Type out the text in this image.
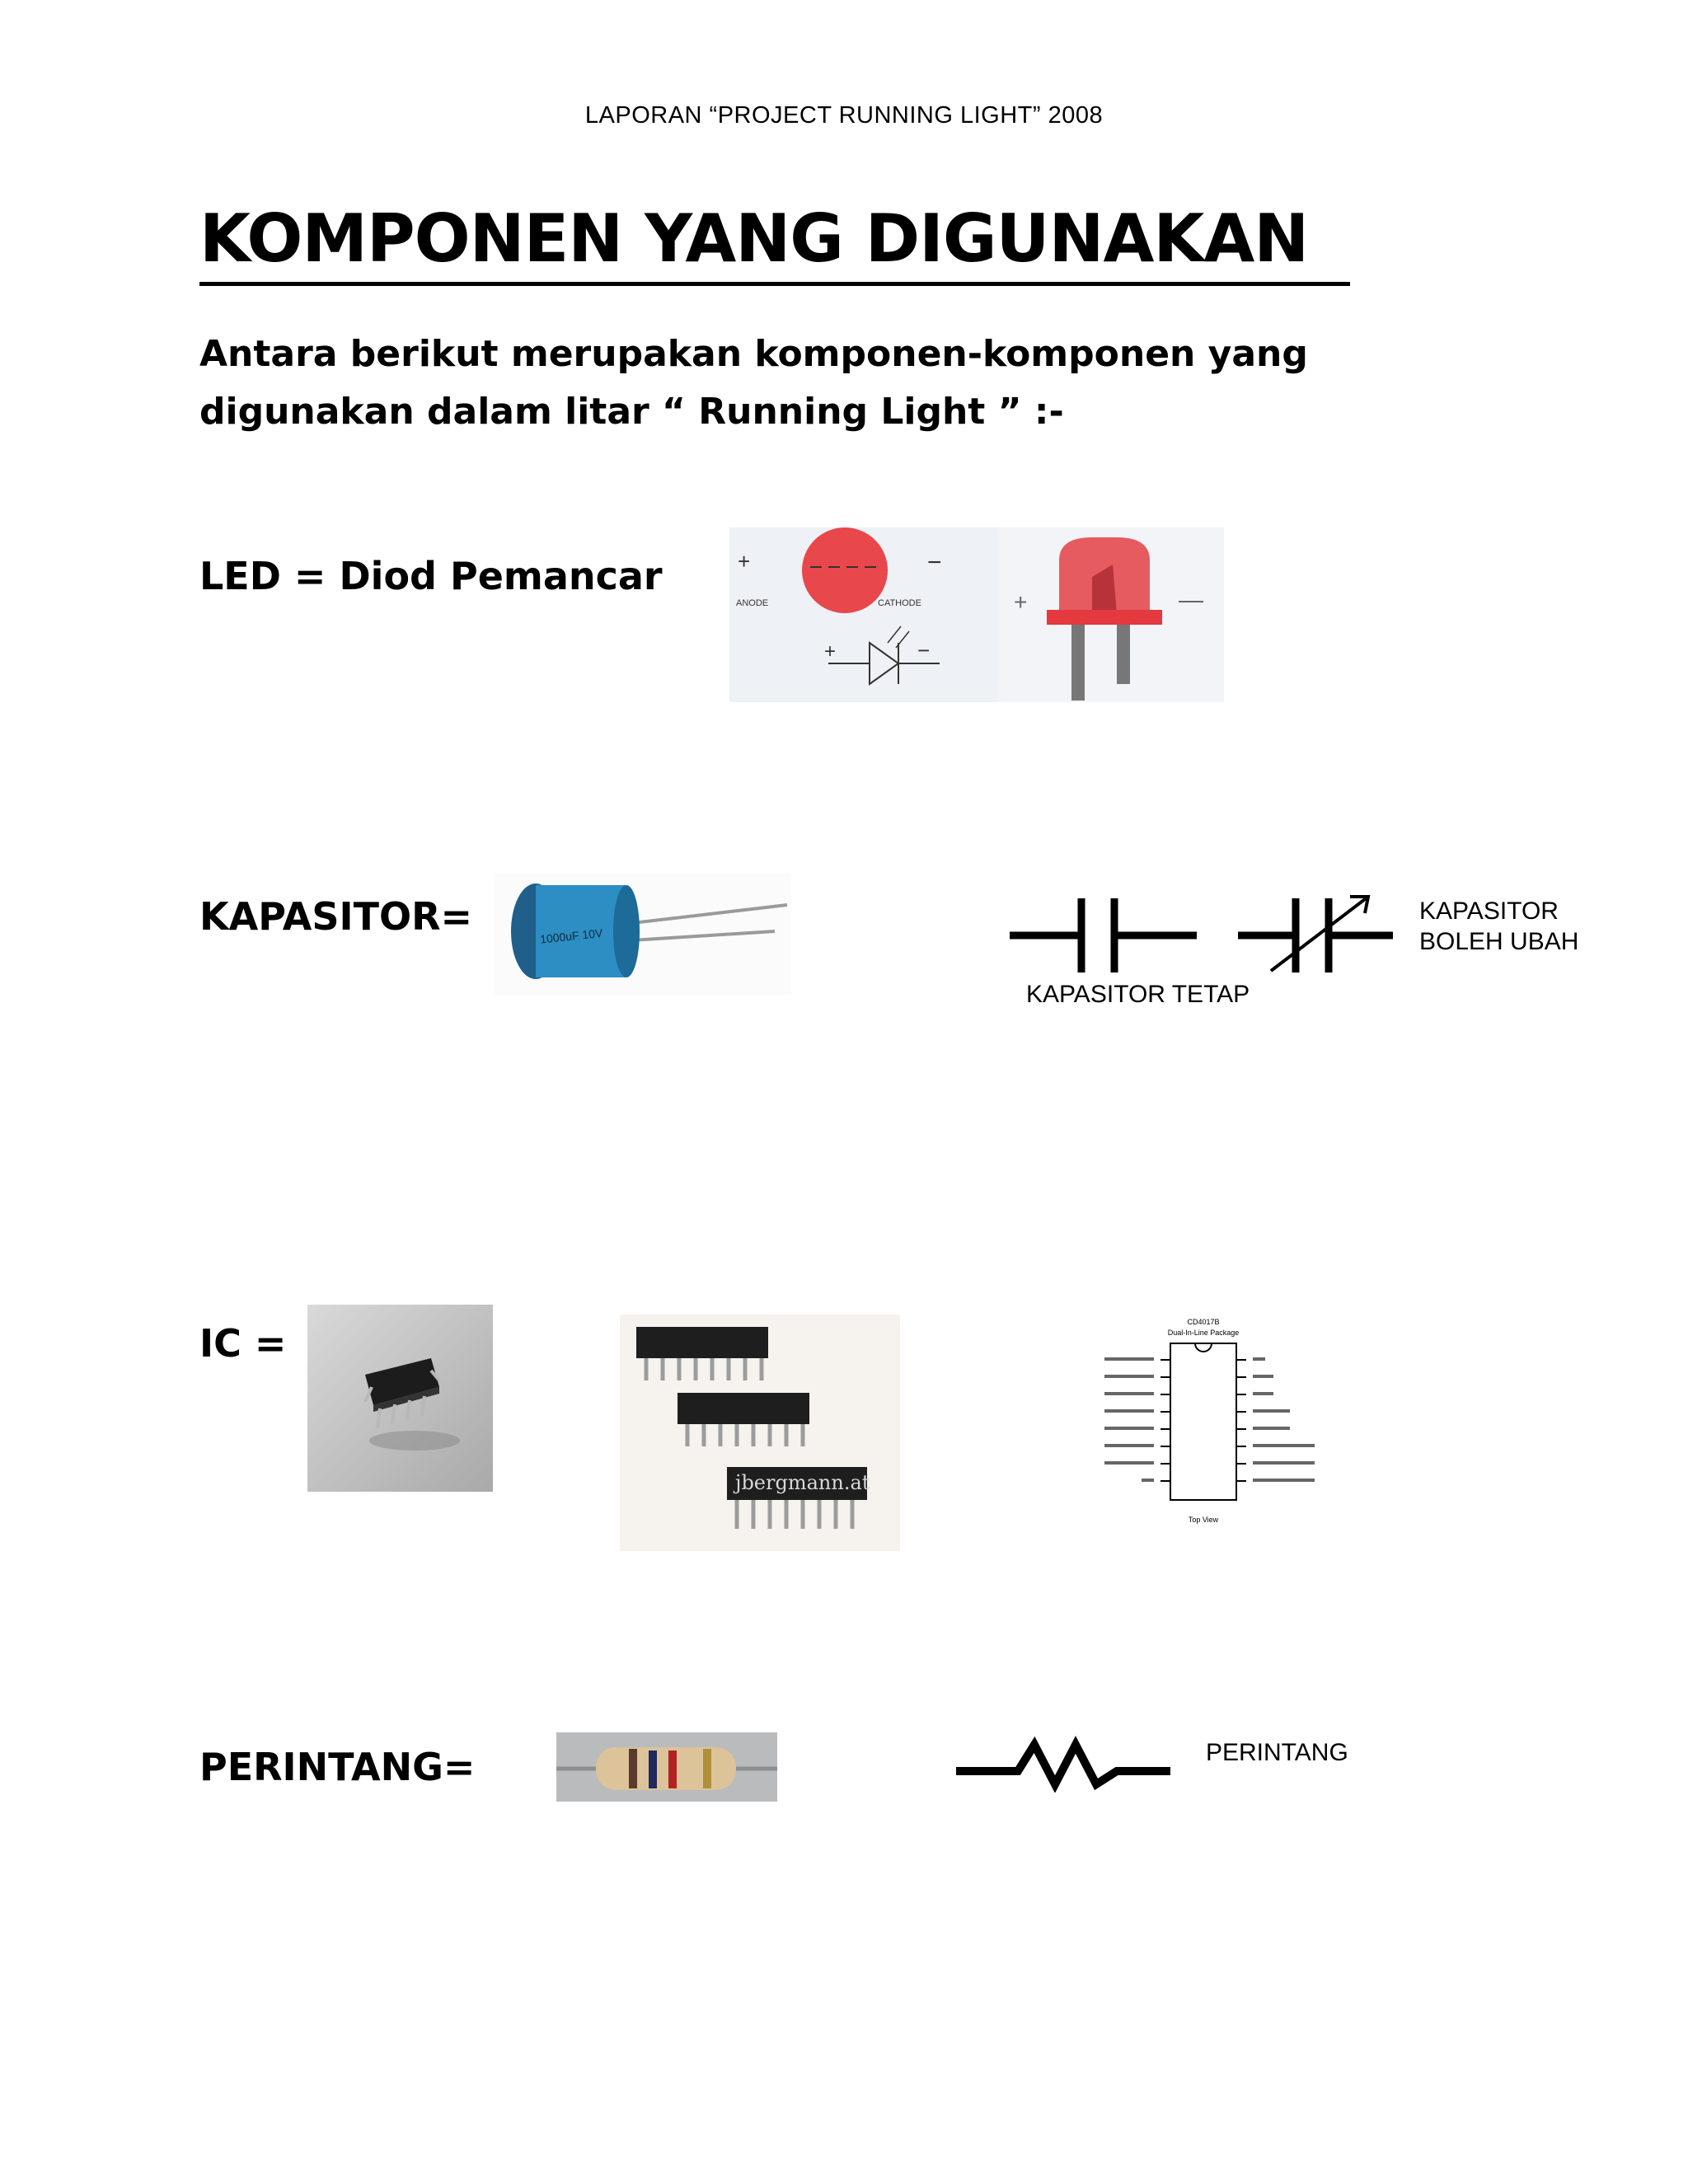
LAPORAN “PROJECT RUNNING LIGHT” 2008
KOMPONEN YANG DIGUNAKAN
Antara berikut merupakan komponen-komponen yang
digunakan dalam litar “ Running Light ” :-
LED = Diod Pemancar	+	−
ANODE	CATHODE
+	−
+
KAPASITOR=	1000uF 10V
KAPASITOR TETAP
KAPASITOR
BOLEH UBAH
IC =
jbergmann.at
CD4017B
Dual-In-Line Package
Top View
PERINTANG=	PERINTANG
